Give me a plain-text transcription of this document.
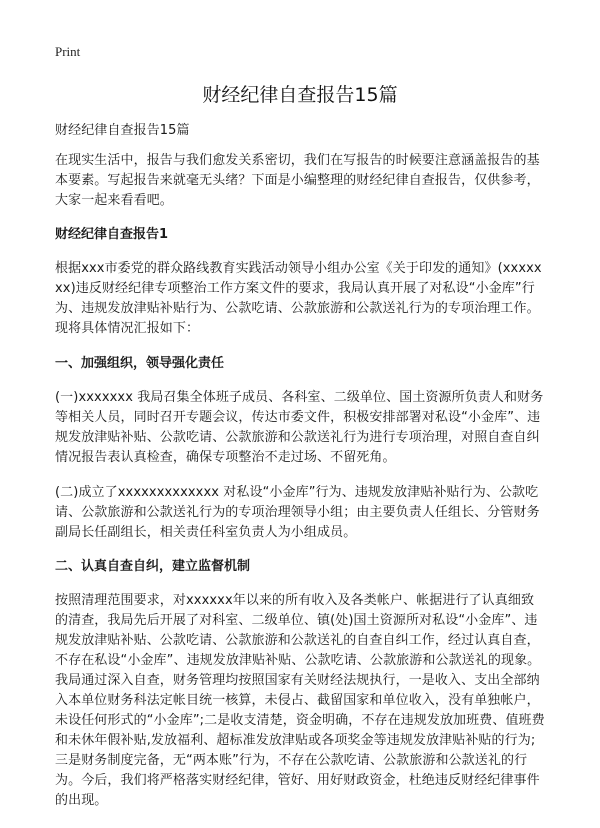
Print
财经纪律自查报告15篇

财经纪律自查报告15篇

在现实生活中，报告与我们愈发关系密切，我们在写报告的时候要注意涵盖报告的基本要素。写起报告来就毫无头绪？下面是小编整理的财经纪律自查报告，仅供参考，大家一起来看看吧。

财经纪律自查报告1

根据xxx市委党的群众路线教育实践活动领导小组办公室《关于印发的通知》(xxxxxxx)违反财经纪律专项整治工作方案文件的要求，我局认真开展了对私设“小金库”行为、违规发放津贴补贴行为、公款吃请、公款旅游和公款送礼行为的专项治理工作。现将具体情况汇报如下：

一、加强组织，领导强化责任

(一)xxxxxxx 我局召集全体班子成员、各科室、二级单位、国土资源所负责人和财务等相关人员，同时召开专题会议，传达市委文件，积极安排部署对私设“小金库”、违规发放津贴补贴、公款吃请、公款旅游和公款送礼行为进行专项治理，对照自查自纠情况报告表认真检查，确保专项整治不走过场、不留死角。

(二)成立了xxxxxxxxxxxxx 对私设“小金库”行为、违规发放津贴补贴行为、公款吃请、公款旅游和公款送礼行为的专项治理领导小组；由主要负责人任组长、分管财务副局长任副组长，相关责任科室负责人为小组成员。

二、认真自查自纠，建立监督机制

按照清理范围要求，对xxxxxx年以来的所有收入及各类帐户、帐据进行了认真细致的清查，我局先后开展了对科室、二级单位、镇(处)国土资源所对私设“小金库”、违规发放津贴补贴、公款吃请、公款旅游和公款送礼的自查自纠工作，经过认真自查，不存在私设“小金库”、违规发放津贴补贴、公款吃请、公款旅游和公款送礼的现象。我局通过深入自查，财务管理均按照国家有关财经法规执行，一是收入、支出全部纳入本单位财务科法定帐目统一核算，未侵占、截留国家和单位收入，没有单独帐户，未设任何形式的“小金库”;二是收支清楚，资金明确，不存在违规发放加班费、值班费和未休年假补贴,发放福利、超标准发放津贴或各项奖金等违规发放津贴补贴的行为;三是财务制度完备，无“两本账”行为，不存在公款吃请、公款旅游和公款送礼的行为。今后，我们将严格落实财经纪律，管好、用好财政资金，杜绝违反财经纪律事件的出现。
